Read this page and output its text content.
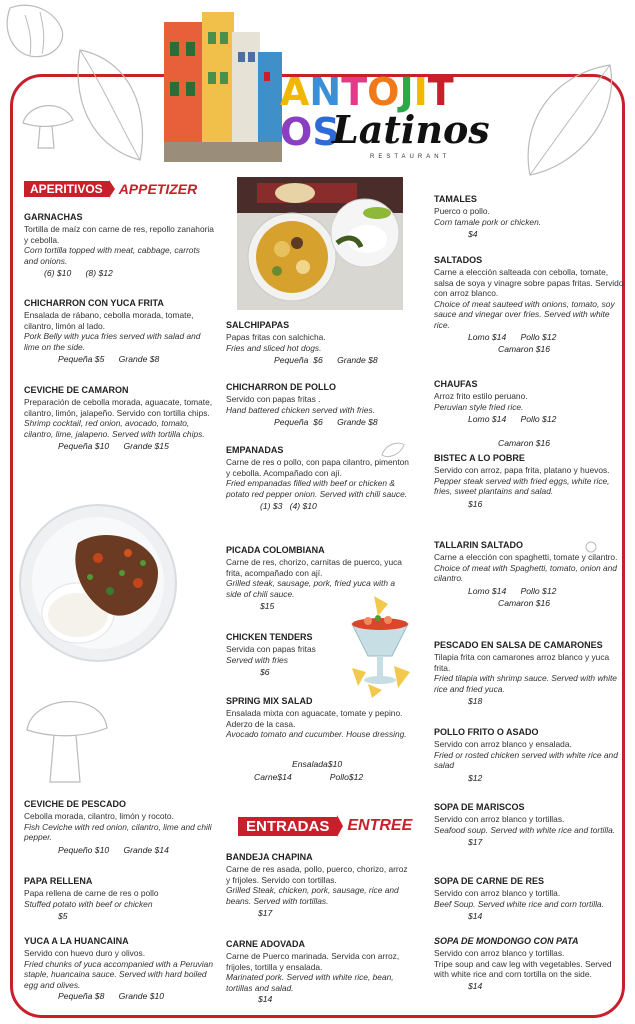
ANTOJITOS
Latinos
RESTAURANT
APERITIVOS	APPETIZER
GARNACHAS
Tortilla de maíz con carne de res, repollo zanahoria y cebolla.
Corn tortilla topped with meat, cabbage, carrots and onions.
(6) $10      (8) $12
CHICHARRON CON YUCA FRITA
Ensalada de rábano, cebolla morada, tomate, cilantro, limón al lado.
Pork Belly with yuca fries served with salad and lime on the side.
Pequeña $5      Grande $8
CEVICHE DE CAMARON
Preparación de cebolla morada, aguacate, tomate, cilantro, limón, jalapeño. Servido con tortilla chips.
Shrimp cocktail, red onion, avocado, tomato, cilantro, lime, jalapeno. Served with tortilla chips.
Pequeña $10      Grande $15
CEVICHE DE PESCADO
Cebolla morada, cilantro, limón y rocoto.
Fish Ceviche with red onion, cilantro, lime and chili pepper.
Pequeño $10      Grande $14
PAPA RELLENA
Papa rellena de carne de res o pollo
Stuffed potato with beef or chicken
$5
YUCA A LA HUANCAINA
Servido con huevo duro y olivos.
Fried chunks of yuca accompanied with a Peruvian staple, huancaina sauce. Served with hard boiled egg and olives.
Pequeña $8      Grande $10
SALCHIPAPAS
Papas fritas con salchicha.
Fries and sliced hot dogs.
Pequeña  $6      Grande $8
CHICHARRON DE POLLO
Servido con papas fritas .
Hand battered chicken served with fries.
Pequeña  $6      Grande $8
EMPANADAS
Carne de res o pollo, con papa cilantro, pimenton y cebolla. Acompañado con ají.
Fried empanadas filled with beef or chicken & potato red pepper onion. Served with chili sauce.
(1) $3   (4) $10
PICADA COLOMBIANA
Carne de res, chorizo, carnitas de puerco, yuca frita, acompañado con ají.
Grilled steak, sausage, pork, fried yuca with a side of chili sauce.
$15
CHICKEN TENDERS
Servida con papas fritas
Served with fries
$6
SPRING MIX SALAD
Ensalada mixta con aguacate, tomate y pepino. Aderzo de la casa.
Avocado tomato and cucumber. House dressing.
Ensalada$10
Carne$14	Pollo$12
ENTRADAS	ENTREE
BANDEJA CHAPINA
Carne de res asada, pollo, puerco, chorizo, arroz y frijoles. Servido con tortillas.
Grilled Steak, chicken, pork, sausage, rice and beans. Served with tortillas.
$17
CARNE ADOVADA
Carne de Puerco marinada. Servida con arroz, frijoles, tortilla y ensalada.
Marinated pork. Served with white rice, bean, tortillas and salad.
$14
TAMALES
Puerco o pollo.
Corn tamale pork or chicken.
$4
SALTADOS
Carne a elección salteada con cebolla, tomate, salsa de soya y vinagre sobre papas fritas. Servido con arroz blanco.
Choice of meat sauteed with onions, tomato, soy sauce and vinegar over fries. Served with white rice.
Lomo $14      Pollo $12
Camaron $16
CHAUFAS
Arroz frito estilo peruano.
Peruvian style fried rice.
Lomo $14      Pollo $12
Camaron $16
BISTEC A LO POBRE
Servido con arroz, papa frita, platano y huevos.
Pepper steak served with fried eggs, white rice, fries, sweet plantains and salad.
$16
TALLARIN SALTADO
Carne a elección con spaghetti, tomate y cilantro.
Choice of meat with Spaghetti, tomato, onion and cilantro.
Lomo $14      Pollo $12
Camaron $16
PESCADO EN SALSA DE CAMARONES
Tilapia frita con camarones arroz blanco y yuca frita.
Fried tilapia with shrimp sauce. Served with white rice and fried yuca.
$18
POLLO FRITO O ASADO
Servido con arroz blanco y ensalada.
Fried or rosted chicken served with white rice and salad
$12
SOPA DE MARISCOS
Servido con arroz blanco y tortillas.
Seafood soup. Served with white rice and tortilla.
$17
SOPA DE CARNE DE RES
Servido con arroz blanco y tortilla.
Beef Soup. Served white rice and corn tortilla.
$14
SOPA DE MONDONGO CON PATA
Servido con arroz blanco y tortillas.
Tripe soup and caw leg with vegetables. Served with white rice and corn tortilla on the side.
$14
